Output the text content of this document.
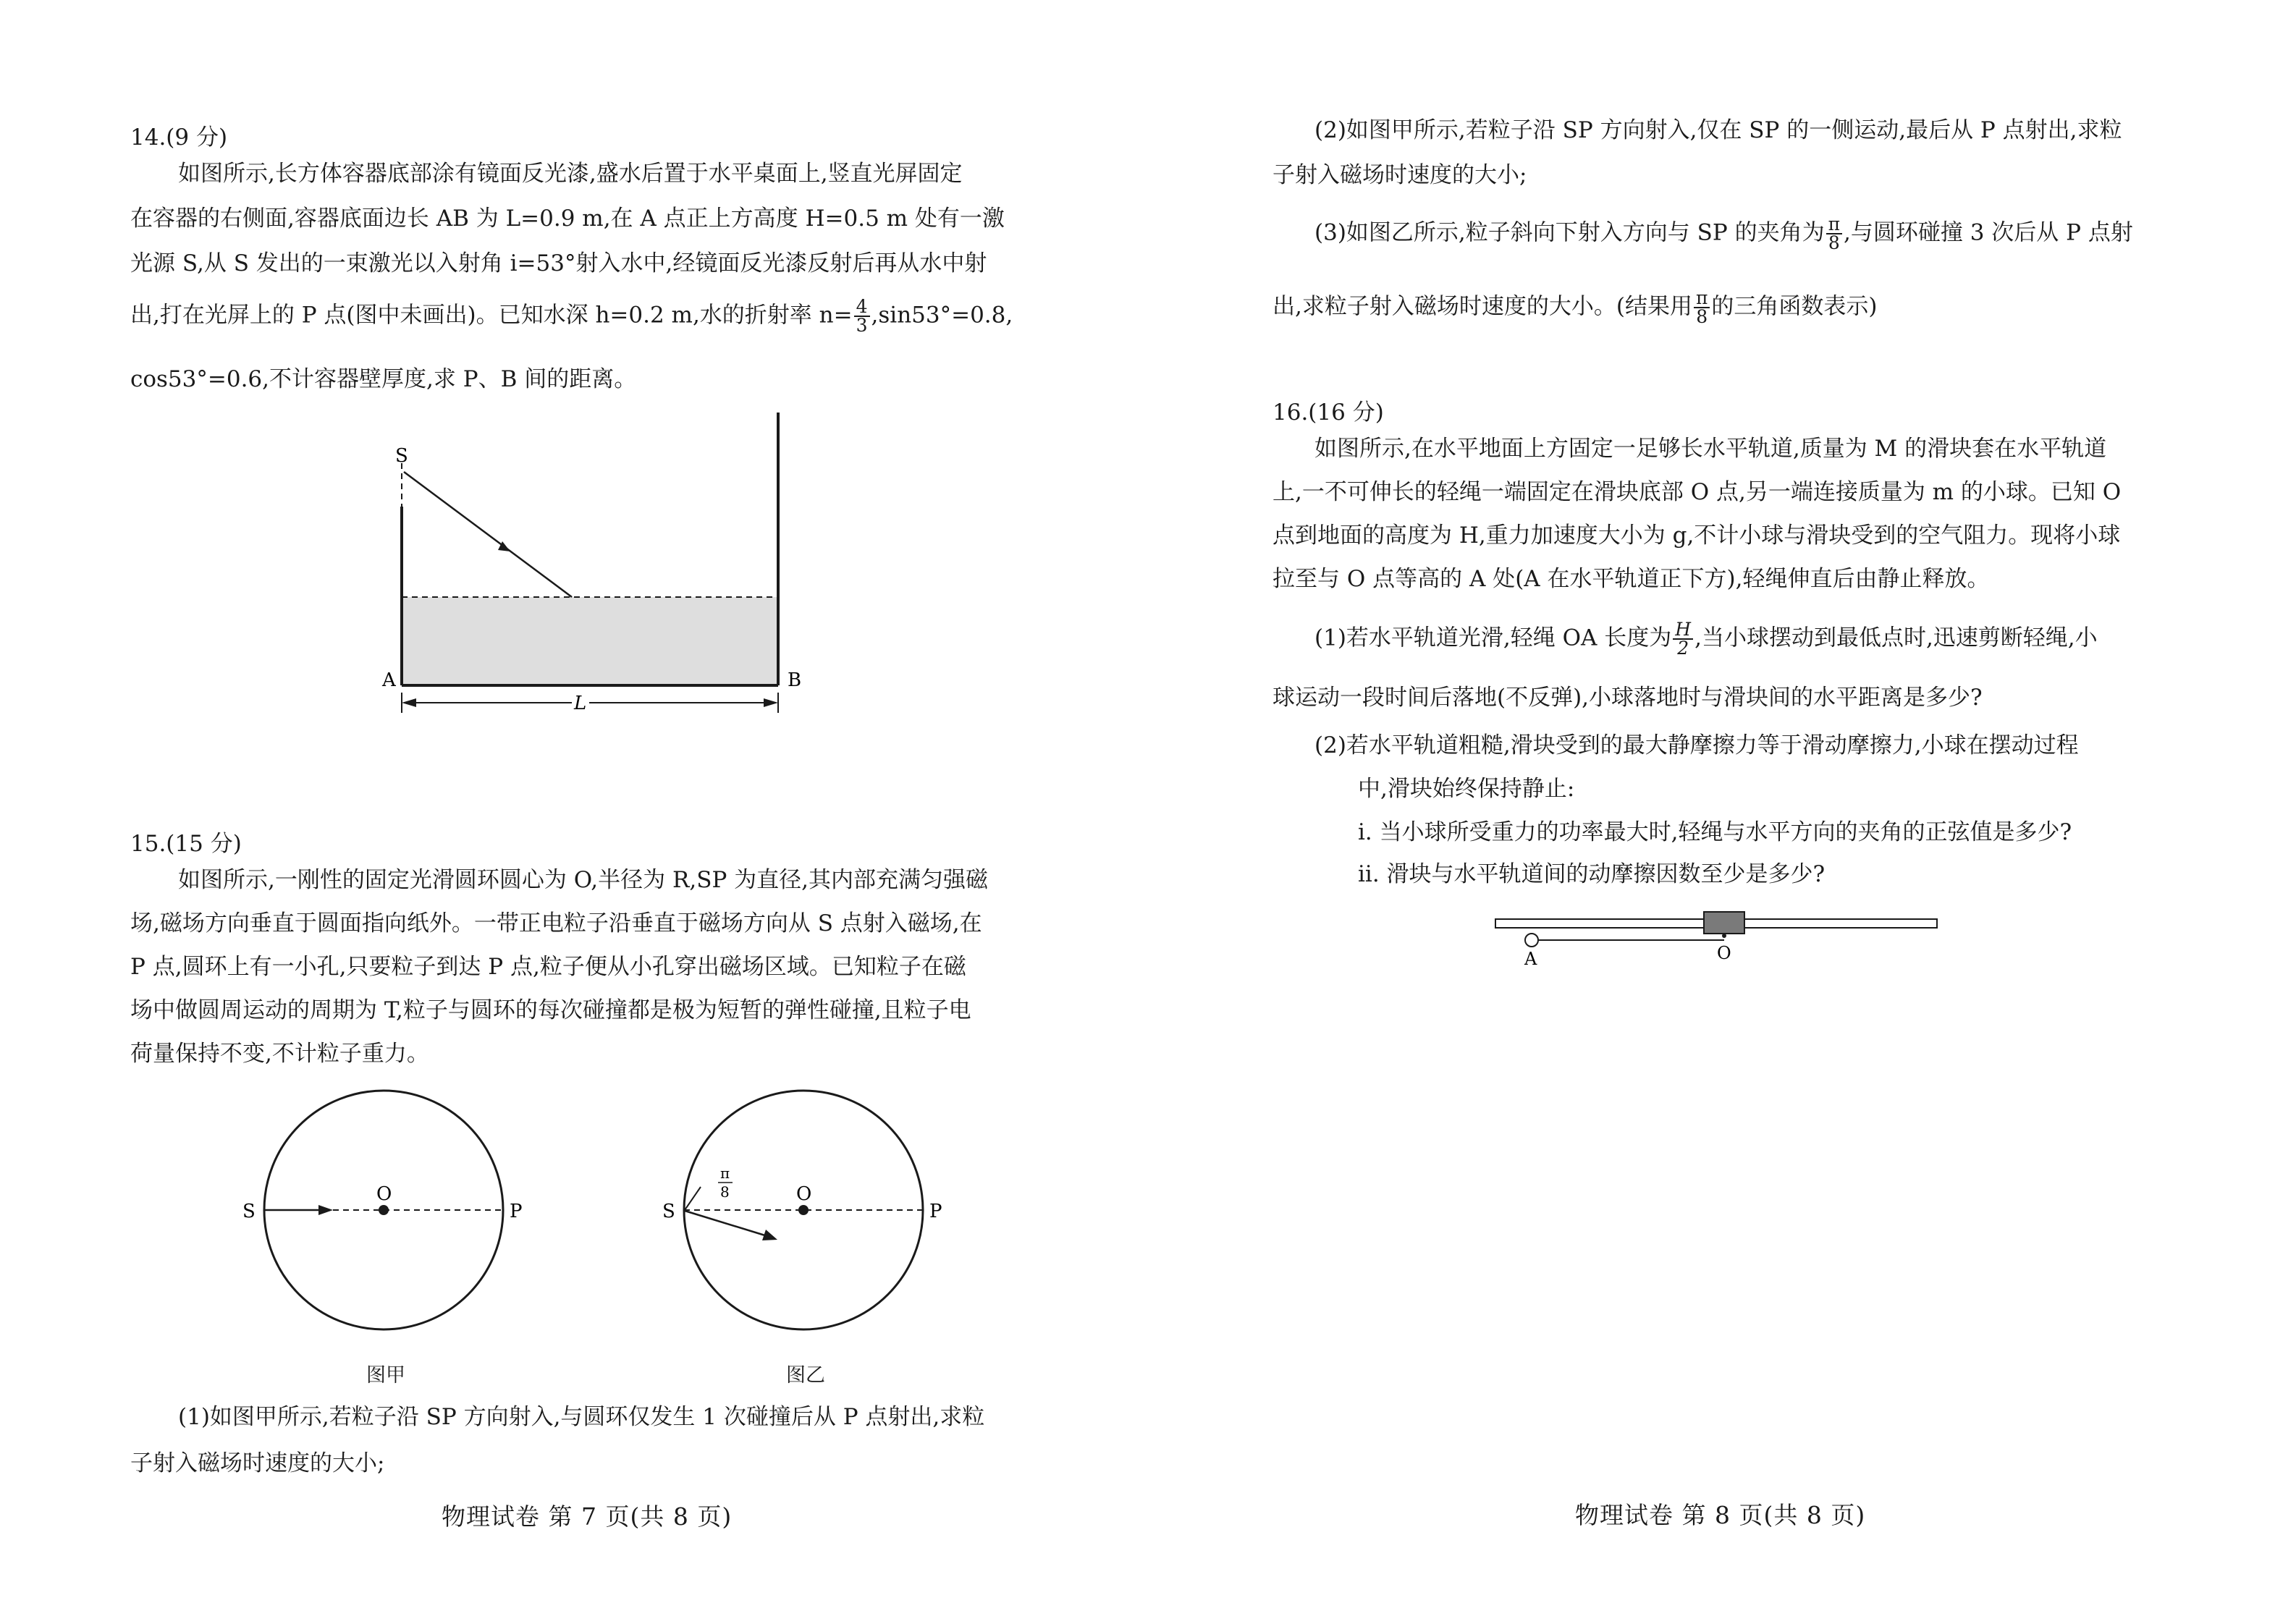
14.(9 分)
如图所示,长方体容器底部涂有镜面反光漆,盛水后置于水平桌面上,竖直光屏固定
在容器的右侧面,容器底面边长 AB 为 L=0.9 m,在 A 点正上方高度 H=0.5 m 处有一激
光源 S,从 S 发出的一束激光以入射角 i=53°射入水中,经镜面反光漆反射后再从水中射
出,打在光屏上的 P 点(图中未画出)。已知水深 h=0.2 m,水的折射率 $n= \frac{4}{3} ,\sin 53^\circ=0.8$,
cos53°=0.6,不计容器壁厚度,求 P、B 间的距离。
S
A	B
L
15.(15 分)
如图所示,一刚性的固定光滑圆环圆心为 O,半径为 R,SP 为直径,其内部充满匀强磁
场,磁场方向垂直于圆面指向纸外。一带正电粒子沿垂直于磁场方向从 S 点射入磁场,在
P 点,圆环上有一小孔,只要粒子到达 P 点,粒子便从小孔穿出磁场区域。已知粒子在磁
场中做圆周运动的周期为 T,粒子与圆环的每次碰撞都是极为短暂的弹性碰撞,且粒子电
荷量保持不变,不计粒子重力。
S
O
P
图甲
S
O
P
π
8
图乙
(1)如图甲所示,若粒子沿 SP 方向射入,与圆环仅发生 1 次碰撞后从 P 点射出,求粒
子射入磁场时速度的大小;
物理试卷 第 7 页(共 8 页)
(2)如图甲所示,若粒子沿 SP 方向射入,仅在 SP 的一侧运动,最后从 P 点射出,求粒
子射入磁场时速度的大小;
(3)如图乙所示,粒子斜向下射入方向与 SP 的夹角为 $\frac{\pi}{8}$ ,与圆环碰撞 3 次后从 P 点射
出,求粒子射入磁场时速度的大小。(结果用 $\frac{\pi}{8}$ 的三角函数表示)
16.(16 分)
如图所示,在水平地面上方固定一足够长水平轨道,质量为 M 的滑块套在水平轨道
上,一不可伸长的轻绳一端固定在滑块底部 O 点,另一端连接质量为 m 的小球。已知 O
点到地面的高度为 H,重力加速度大小为 g,不计小球与滑块受到的空气阻力。现将小球
拉至与 O 点等高的 A 处(A 在水平轨道正下方),轻绳伸直后由静止释放。
(1)若水平轨道光滑,轻绳 OA 长度为 $\frac{H}{2}$ ,当小球摆动到最低点时,迅速剪断轻绳,小
球运动一段时间后落地(不反弹),小球落地时与滑块间的水平距离是多少?
(2)若水平轨道粗糙,滑块受到的最大静摩擦力等于滑动摩擦力,小球在摆动过程
中,滑块始终保持静止:
i. 当小球所受重力的功率最大时,轻绳与水平方向的夹角的正弦值是多少?
ii. 滑块与水平轨道间的动摩擦因数至少是多少?
A	O
物理试卷 第 8 页(共 8 页)
